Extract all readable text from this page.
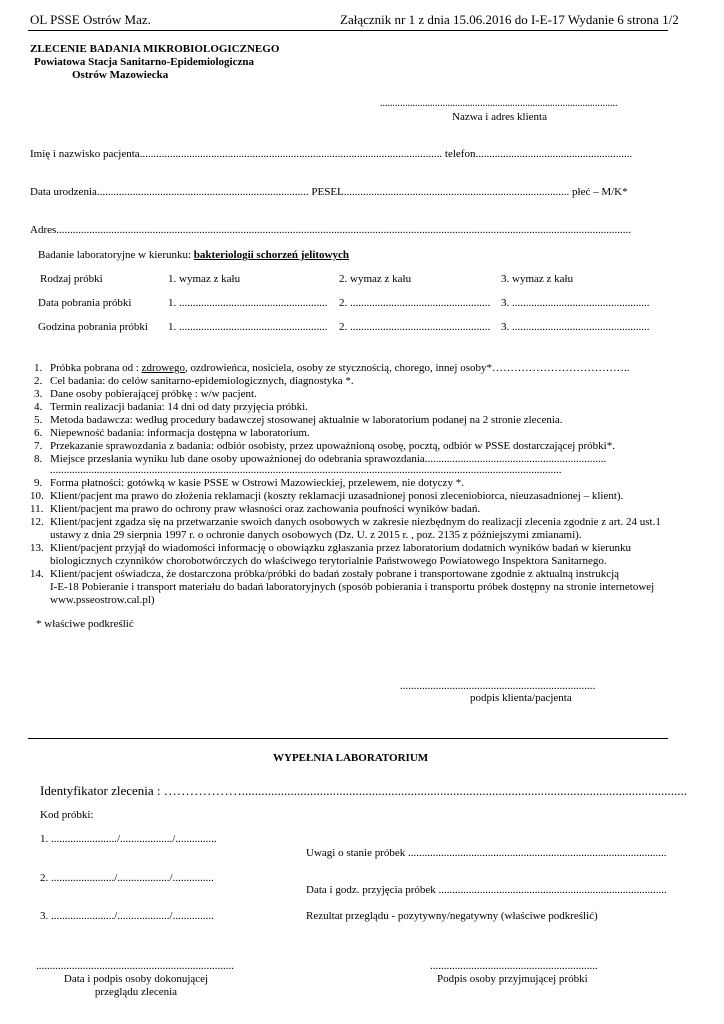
OL PSSE Ostrów Maz.	Załącznik nr 1 z dnia 15.06.2016 do I-E-17 Wydanie 6 strona 1/2
ZLECENIE BADANIA MIKROBIOLOGICZNEGO
Powiatowa Stacja Sanitarno-Epidemiologiczna
Ostrów Mazowiecka
...............................................................................................
Nazwa i adres klienta
Imię i nazwisko pacjenta.............................................................................................................. telefon.........................................................
Data urodzenia............................................................................. PESEL.................................................................................. płeć – M/K*
Adres.................................................................................................................................................................................................................
Badanie laboratoryjne w kierunku: bakteriologii schorzeń jelitowych
Rodzaj próbki	1. wymaz z kału	2. wymaz z kału	3. wymaz z kału
Data pobrania próbki	1. ...................................................... 2. ................................................... 3. ..................................................
Godzina pobrania próbki 1. ...................................................... 2. ................................................... 3. ..................................................
1. Próbka pobrana od : zdrowego, ozdrowieńca, nosiciela, osoby ze stycznością, chorego, innej osoby*………………………………..
2. Cel badania: do celów sanitarno-epidemiologicznych, diagnostyka *.
3. Dane osoby pobierającej próbkę : w/w pacjent.
4. Termin realizacji badania: 14 dni od daty przyjęcia próbki.
5. Metoda badawcza: według procedury badawczej stosowanej aktualnie w laboratorium podanej na 2 stronie zlecenia.
6. Niepewność badania: informacja dostępna w laboratorium.
7. Przekazanie sprawozdania z badania: odbiór osobisty, przez upoważnioną osobę, pocztą, odbiór w PSSE dostarczającej próbki*.
8. Miejsce przesłania wyniku lub dane osoby upoważnionej do odebrania sprawozdania..................................................................
..........................................................................................................................................................................................
9. Forma płatności: gotówką w kasie PSSE w Ostrowi Mazowieckiej, przelewem, nie dotyczy *.
10. Klient/pacjent ma prawo do złożenia reklamacji (koszty reklamacji uzasadnionej ponosi zleceniobiorca, nieuzasadnionej – klient).
11. Klient/pacjent ma prawo do ochrony praw własności oraz zachowania poufności wyników badań.
12. Klient/pacjent zgadza się na przetwarzanie swoich danych osobowych w zakresie niezbędnym do realizacji zlecenia zgodnie z art. 24 ust.1
ustawy z dnia 29 sierpnia 1997 r. o ochronie danych osobowych (Dz. U. z 2015 r. , poz. 2135 z późniejszymi zmianami).
13. Klient/pacjent przyjął do wiadomości informację o obowiązku zgłaszania przez laboratorium dodatnich wyników badań w kierunku
biologicznych czynników chorobotwórczych do właściwego terytorialnie Państwowego Powiatowego Inspektora Sanitarnego.
14. Klient/pacjent oświadcza, że dostarczona próbka/próbki do badań zostały pobrane i transportowane zgodnie z aktualną instrukcją
I-E-18 Pobieranie i transport materiału do badań laboratoryjnych (sposób pobierania i transportu próbek dostępny na stronie internetowej
www.psseostrow.cal.pl)
* właściwe podkreślić
.......................................................................
podpis klienta/pacjenta
WYPEŁNIA LABORATORIUM
Identyfikator zlecenia : ……………….........................................................................................................................................
Kod próbki:
1. ......................../.................../...............
Uwagi o stanie próbek ..............................................................................................
2. ......................./.................../...............
Data i godz. przyjęcia próbek ...................................................................................
3. ......................./.................../...............	Rezultat przeglądu - pozytywny/negatywny (właściwe podkreślić)
........................................................................
Data i podpis osoby dokonującej
przeglądu zlecenia
.............................................................
Podpis osoby przyjmującej próbki
